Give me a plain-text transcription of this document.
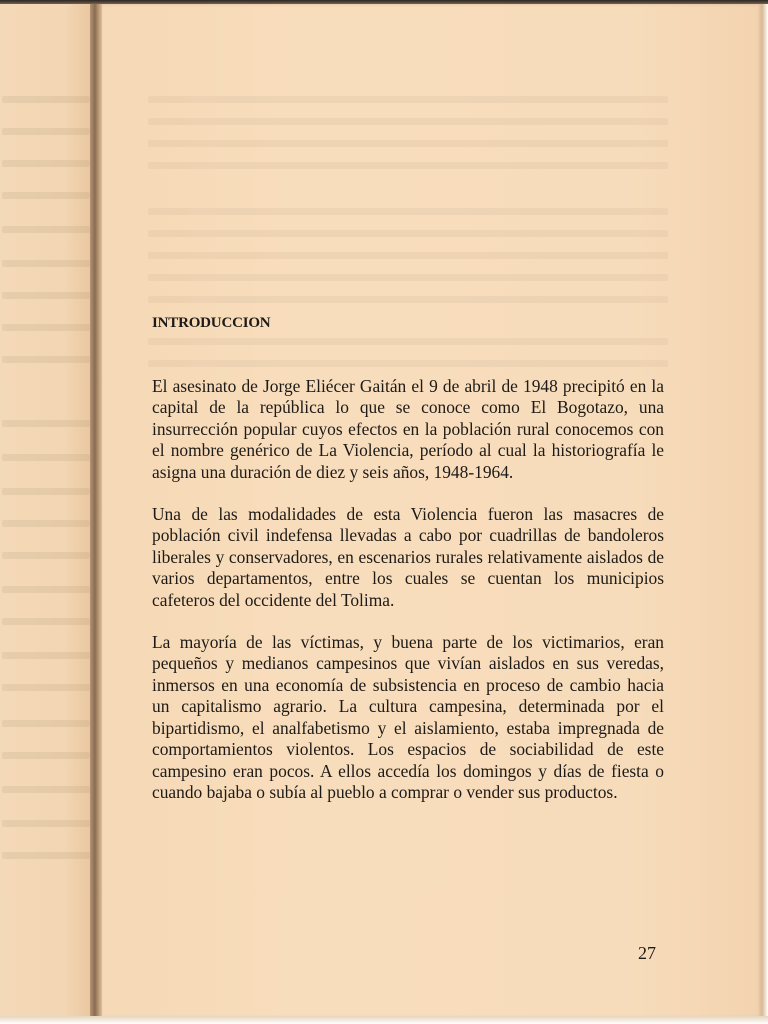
INTRODUCCION

El asesinato de Jorge Eliécer Gaitán el 9 de abril de 1948 precipitó en la capital de la república lo que se conoce como El Bogotazo, una insurrección popular cuyos efectos en la población rural conocemos con el nombre genérico de La Violencia, período al cual la historiografía le asigna una duración de diez y seis años, 1948-1964.

Una de las modalidades de esta Violencia fueron las masacres de población civil indefensa llevadas a cabo por cuadrillas de bandoleros liberales y conservadores, en escenarios rurales relativamente aislados de varios departamentos, entre los cuales se cuentan los municipios cafeteros del occidente del Tolima.

La mayoría de las víctimas, y buena parte de los victimarios, eran pequeños y medianos campesinos que vivían aislados en sus veredas, inmersos en una economía de subsistencia en proceso de cambio hacia un capitalismo agrario. La cultura campesina, determinada por el bipartidismo, el analfabetismo y el aislamiento, estaba impregnada de comportamientos violentos. Los espacios de sociabilidad de este campesino eran pocos. A ellos accedía los domingos y días de fiesta o cuando bajaba o subía al pueblo a comprar o vender sus productos.

27
